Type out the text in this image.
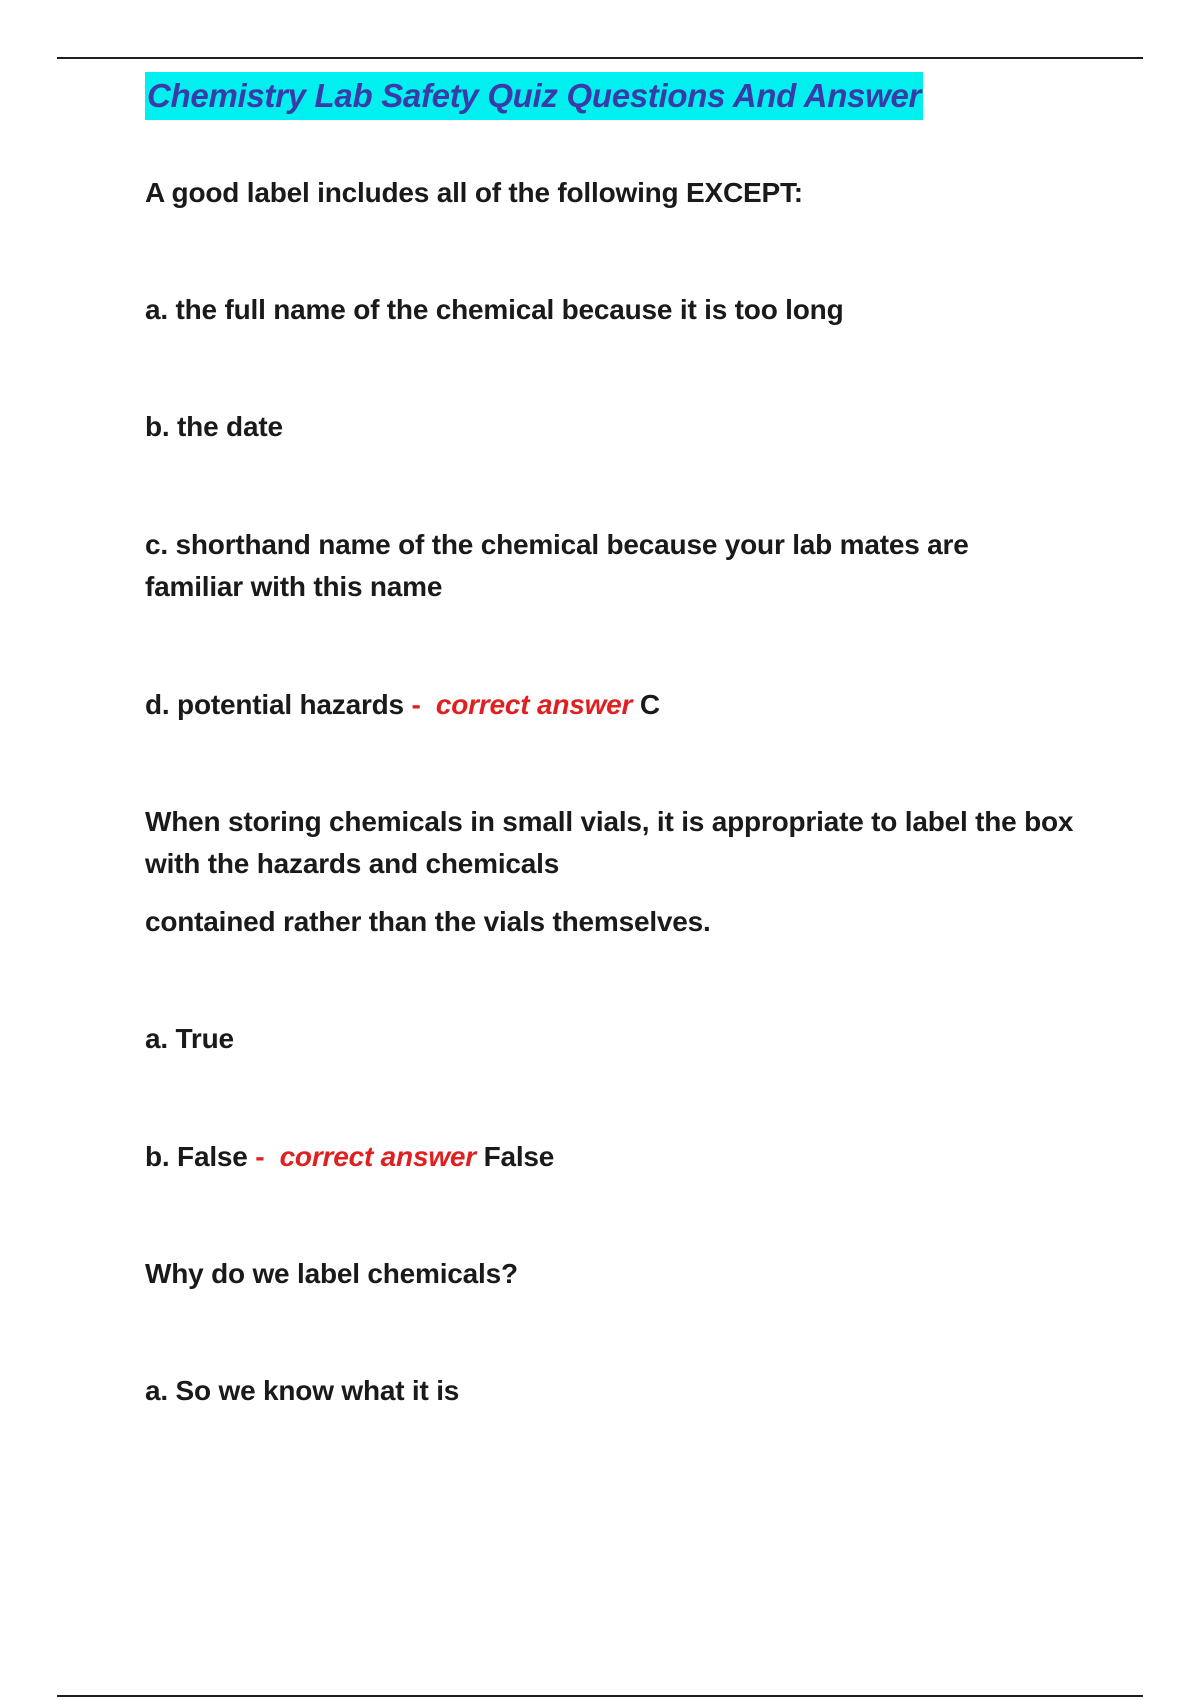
Chemistry Lab Safety Quiz Questions And Answer
A good label includes all of the following EXCEPT:
a. the full name of the chemical because it is too long
b. the date
c. shorthand name of the chemical because your lab mates are familiar with this name
d. potential hazards - correct answer C
When storing chemicals in small vials, it is appropriate to label the box with the hazards and chemicals
contained rather than the vials themselves.
a. True
b. False - correct answer False
Why do we label chemicals?
a. So we know what it is
